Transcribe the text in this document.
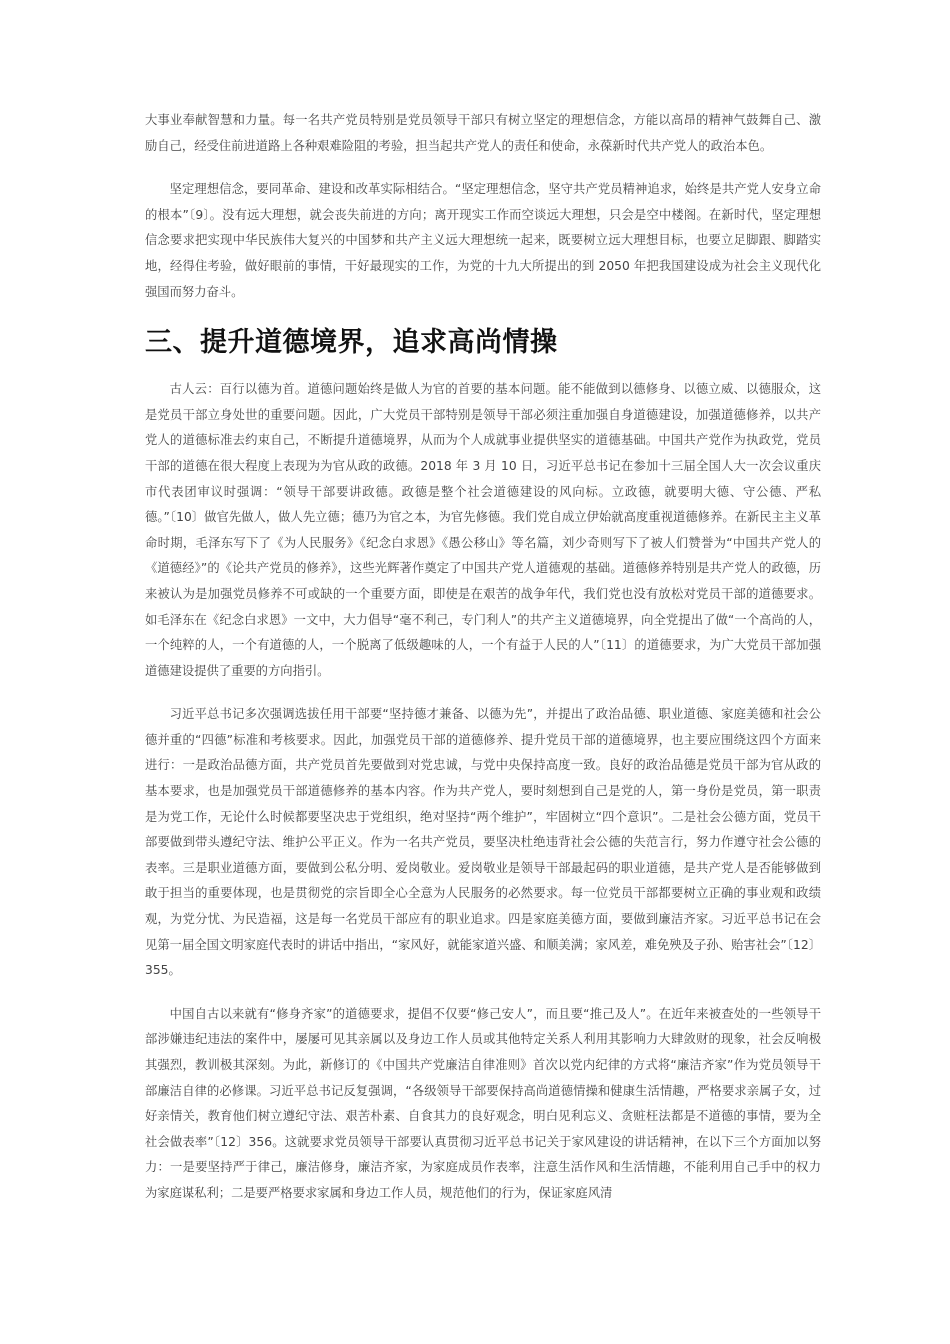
大事业奉献智慧和力量。每一名共产党员特别是党员领导干部只有树立坚定的理想信念，方能以高昂的精神气鼓舞自己、激励自己，经受住前进道路上各种艰难险阻的考验，担当起共产党人的责任和使命，永葆新时代共产党人的政治本色。

坚定理想信念，要同革命、建设和改革实际相结合。“坚定理想信念，坚守共产党员精神追求，始终是共产党人安身立命的根本”〔9〕。没有远大理想，就会丧失前进的方向；离开现实工作而空谈远大理想，只会是空中楼阁。在新时代，坚定理想信念要求把实现中华民族伟大复兴的中国梦和共产主义远大理想统一起来，既要树立远大理想目标，也要立足脚跟、脚踏实地，经得住考验，做好眼前的事情，干好最现实的工作，为党的十九大所提出的到 2050 年把我国建设成为社会主义现代化强国而努力奋斗。

三、提升道德境界，追求高尚情操

古人云：百行以德为首。道德问题始终是做人为官的首要的基本问题。能不能做到以德修身、以德立威、以德服众，这是党员干部立身处世的重要问题。因此，广大党员干部特别是领导干部必须注重加强自身道德建设，加强道德修养，以共产党人的道德标准去约束自己，不断提升道德境界，从而为个人成就事业提供坚实的道德基础。中国共产党作为执政党，党员干部的道德在很大程度上表现为为官从政的政德。2018 年 3 月 10 日，习近平总书记在参加十三届全国人大一次会议重庆市代表团审议时强调：“领导干部要讲政德。政德是整个社会道德建设的风向标。立政德，就要明大德、守公德、严私德。”〔10〕做官先做人，做人先立德；德乃为官之本，为官先修德。我们党自成立伊始就高度重视道德修养。在新民主主义革命时期，毛泽东写下了《为人民服务》《纪念白求恩》《愚公移山》等名篇，刘少奇则写下了被人们赞誉为“中国共产党人的《道德经》”的《论共产党员的修养》，这些光辉著作奠定了中国共产党人道德观的基础。道德修养特别是共产党人的政德，历来被认为是加强党员修养不可或缺的一个重要方面，即使是在艰苦的战争年代，我们党也没有放松对党员干部的道德要求。如毛泽东在《纪念白求恩》一文中，大力倡导“毫不利己，专门利人”的共产主义道德境界，向全党提出了做“一个高尚的人，一个纯粹的人，一个有道德的人，一个脱离了低级趣味的人，一个有益于人民的人”〔11〕的道德要求，为广大党员干部加强道德建设提供了重要的方向指引。

习近平总书记多次强调选拔任用干部要“坚持德才兼备、以德为先”，并提出了政治品德、职业道德、家庭美德和社会公德并重的“四德”标准和考核要求。因此，加强党员干部的道德修养、提升党员干部的道德境界，也主要应围绕这四个方面来进行：一是政治品德方面，共产党员首先要做到对党忠诚，与党中央保持高度一致。良好的政治品德是党员干部为官从政的基本要求，也是加强党员干部道德修养的基本内容。作为共产党人，要时刻想到自己是党的人，第一身份是党员，第一职责是为党工作，无论什么时候都要坚决忠于党组织，绝对坚持“两个维护”，牢固树立“四个意识”。二是社会公德方面，党员干部要做到带头遵纪守法、维护公平正义。作为一名共产党员，要坚决杜绝违背社会公德的失范言行，努力作遵守社会公德的表率。三是职业道德方面，要做到公私分明、爱岗敬业。爱岗敬业是领导干部最起码的职业道德，是共产党人是否能够做到敢于担当的重要体现，也是贯彻党的宗旨即全心全意为人民服务的必然要求。每一位党员干部都要树立正确的事业观和政绩观，为党分忧、为民造福，这是每一名党员干部应有的职业追求。四是家庭美德方面，要做到廉洁齐家。习近平总书记在会见第一届全国文明家庭代表时的讲话中指出，“家风好，就能家道兴盛、和顺美满；家风差，难免殃及子孙、贻害社会”〔12〕355。

中国自古以来就有“修身齐家”的道德要求，提倡不仅要“修己安人”，而且要“推己及人”。在近年来被查处的一些领导干部涉嫌违纪违法的案件中，屡屡可见其亲属以及身边工作人员或其他特定关系人利用其影响力大肆敛财的现象，社会反响极其强烈，教训极其深刻。为此，新修订的《中国共产党廉洁自律准则》首次以党内纪律的方式将“廉洁齐家”作为党员领导干部廉洁自律的必修课。习近平总书记反复强调，“各级领导干部要保持高尚道德情操和健康生活情趣，严格要求亲属子女，过好亲情关，教育他们树立遵纪守法、艰苦朴素、自食其力的良好观念，明白见利忘义、贪赃枉法都是不道德的事情，要为全社会做表率”〔12〕356。这就要求党员领导干部要认真贯彻习近平总书记关于家风建设的讲话精神，在以下三个方面加以努力：一是要坚持严于律己，廉洁修身，廉洁齐家，为家庭成员作表率，注意生活作风和生活情趣，不能利用自己手中的权力为家庭谋私利；二是要严格要求家属和身边工作人员，规范他们的行为，保证家庭风清
